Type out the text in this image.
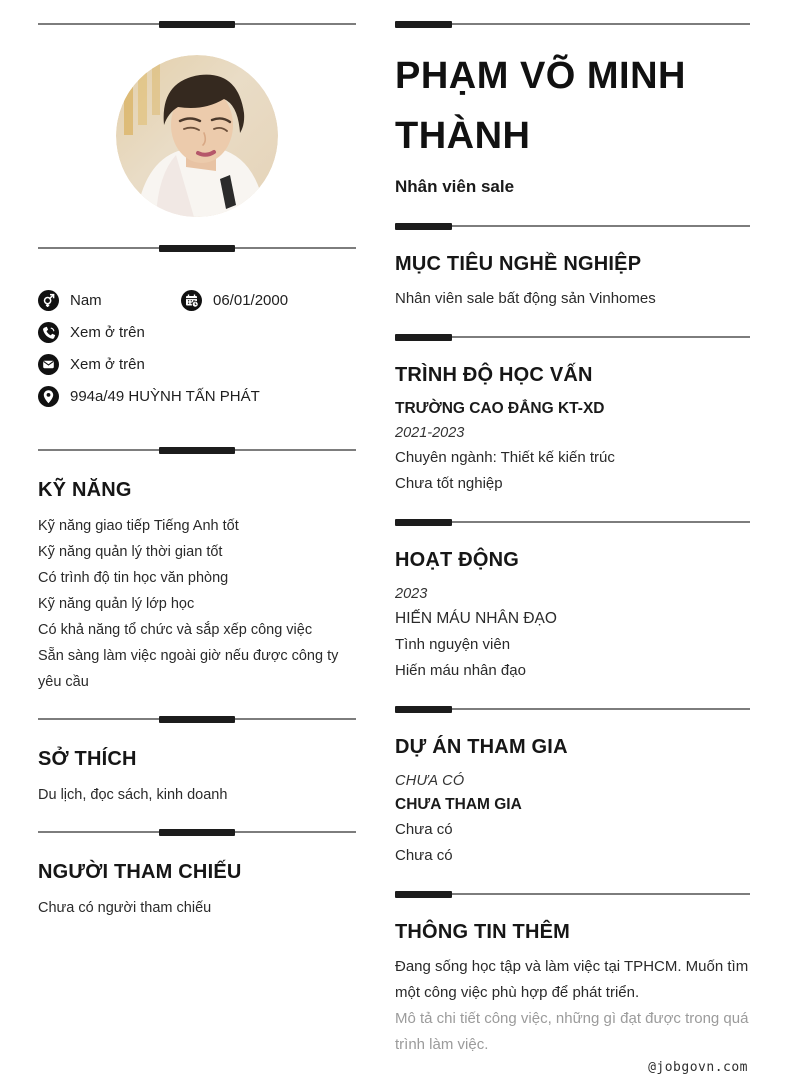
Nam	06/01/2000
Xem ở trên
Xem ở trên
994a/49 HUỲNH TẤN PHÁT
KỸ NĂNG
Kỹ năng giao tiếp Tiếng Anh tốt
Kỹ năng quản lý thời gian tốt
Có trình độ tin học văn phòng
Kỹ năng quản lý lớp học
Có khả năng tổ chức và sắp xếp công việc
Sẵn sàng làm việc ngoài giờ nếu được công ty yêu cầu
SỞ THÍCH
Du lịch, đọc sách, kinh doanh
NGƯỜI THAM CHIẾU
Chưa có người tham chiếu
PHẠM VÕ MINH THÀNH
Nhân viên sale
MỤC TIÊU NGHỀ NGHIỆP
Nhân viên sale bất động sản Vinhomes
TRÌNH ĐỘ HỌC VẤN
TRƯỜNG CAO ĐẲNG KT-XD
2021-2023
Chuyên ngành: Thiết kế kiến trúc
Chưa tốt nghiệp
HOẠT ĐỘNG
2023
HIẾN MÁU NHÂN ĐẠO
Tình nguyện viên
Hiến máu nhân đạo
DỰ ÁN THAM GIA
CHƯA CÓ
CHƯA THAM GIA
Chưa có
Chưa có
THÔNG TIN THÊM
Đang sống học tập và làm việc tại TPHCM. Muốn tìm một công việc phù hợp để phát triển.
Mô tả chi tiết công việc, những gì đạt được trong quá trình làm việc.
@jobgovn.com
